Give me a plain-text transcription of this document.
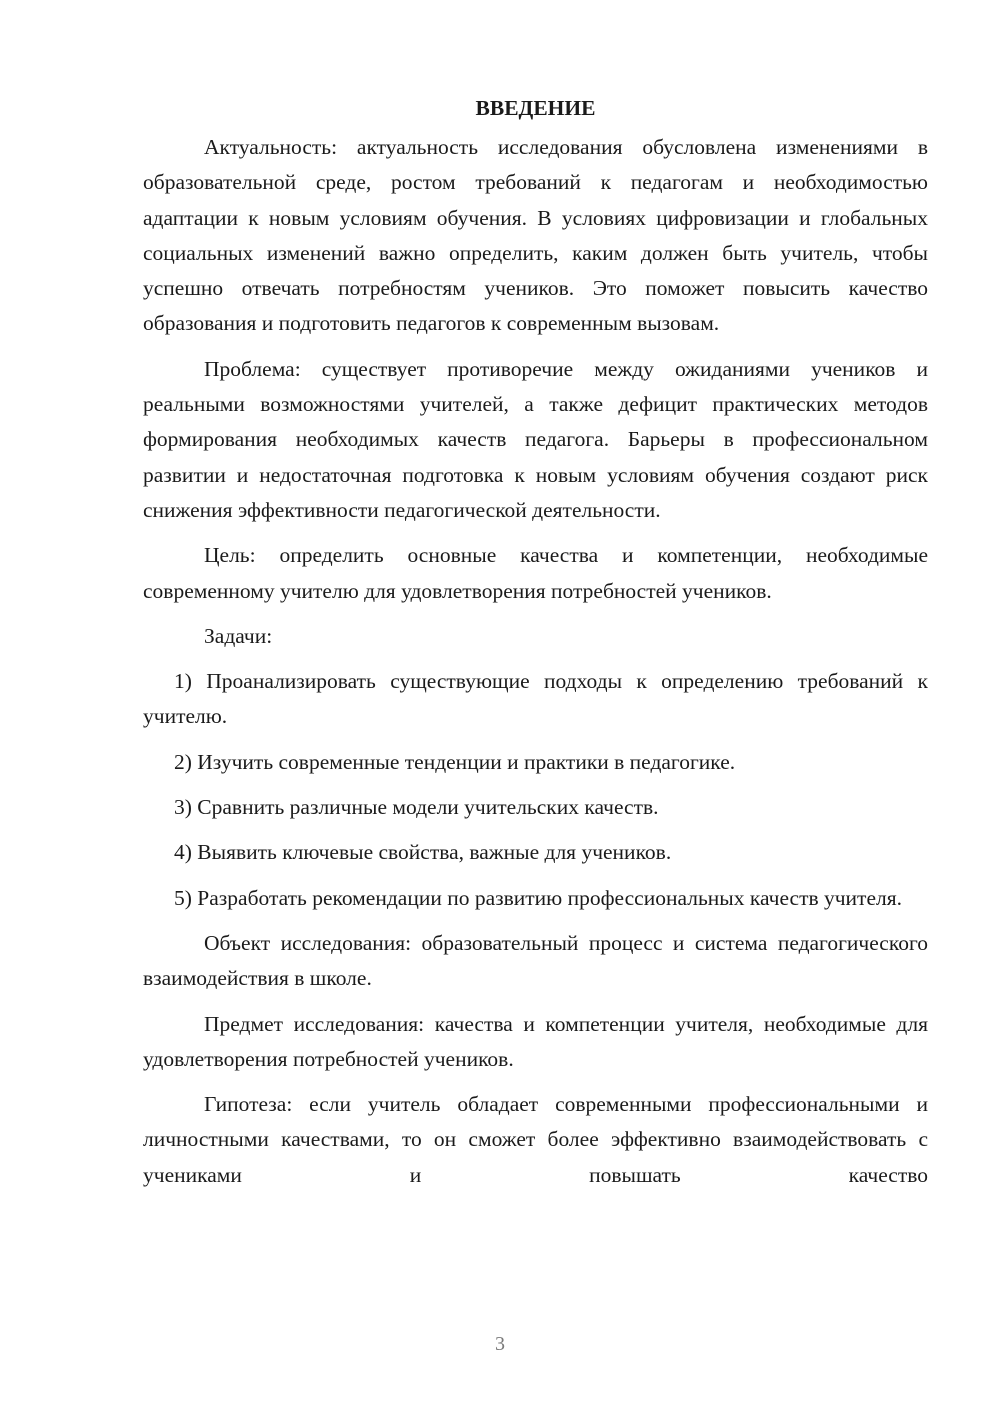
ВВЕДЕНИЕ

Актуальность: актуальность исследования обусловлена изменениями в образовательной среде, ростом требований к педагогам и необходимостью адаптации к новым условиям обучения. В условиях цифровизации и глобальных социальных изменений важно определить, каким должен быть учитель, чтобы успешно отвечать потребностям учеников. Это поможет повысить качество образования и подготовить педагогов к современным вызовам.

Проблема: существует противоречие между ожиданиями учеников и реальными возможностями учителей, а также дефицит практических методов формирования необходимых качеств педагога. Барьеры в профессиональном развитии и недостаточная подготовка к новым условиям обучения создают риск снижения эффективности педагогической деятельности.

Цель: определить основные качества и компетенции, необходимые современному учителю для удовлетворения потребностей учеников.

Задачи:

1) Проанализировать существующие подходы к определению требований к учителю.

2) Изучить современные тенденции и практики в педагогике.

3) Сравнить различные модели учительских качеств.

4) Выявить ключевые свойства, важные для учеников.

5) Разработать рекомендации по развитию профессиональных качеств учителя.

Объект исследования: образовательный процесс и система педагогического взаимодействия в школе.

Предмет исследования: качества и компетенции учителя, необходимые для удовлетворения потребностей учеников.

Гипотеза: если учитель обладает современными профессиональными и личностными качествами, то он сможет более эффективно взаимодействовать с учениками и повышать качество

3
